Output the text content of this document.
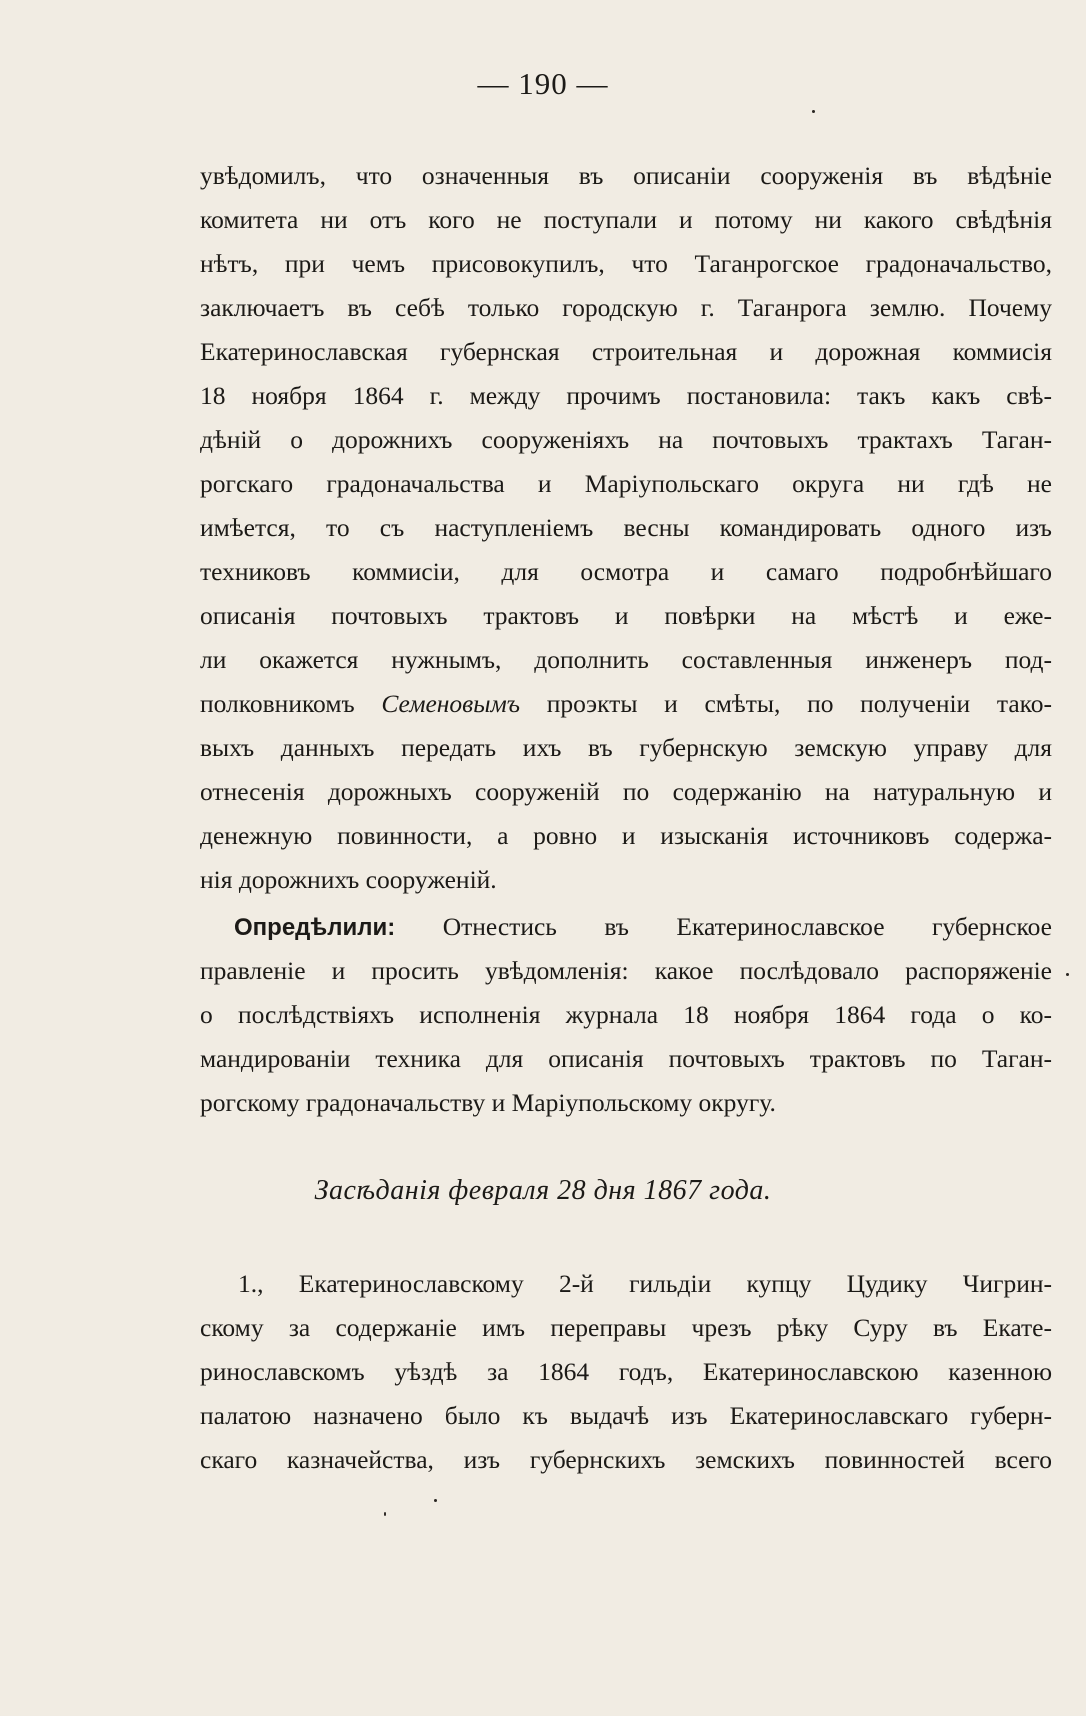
— 190 —
увѣдомилъ, что означенныя въ описаніи сооруженія въ вѣдѣніе
комитета ни отъ кого не поступали и потому ни какого свѣдѣнія
нѣтъ, при чемъ присовокупилъ, что Таганрогское градоначальство,
заключаетъ въ себѣ только городскую г. Таганрога землю. Почему
Екатеринославская губернская строительная и дорожная коммисія
18 ноября 1864 г. между прочимъ постановила: такъ какъ свѣ-
дѣній о дорожнихъ сооруженіяхъ на почтовыхъ трактахъ Таган-
рогскаго градоначальства и Маріупольскаго округа ни гдѣ не
имѣется, то съ наступленіемъ весны командировать одного изъ
техниковъ коммисіи, для осмотра и самаго подробнѣйшаго
описанія почтовыхъ трактовъ и повѣрки на мѣстѣ и еже-
ли окажется нужнымъ, дополнить составленныя инженеръ под-
полковникомъ Семеновымъ проэкты и смѣты, по полученіи тако-
выхъ данныхъ передать ихъ въ губернскую земскую управу для
отнесенія дорожныхъ сооруженій по содержанію на натуральную и
денежную повинности, а ровно и изысканія источниковъ содержа-
нія дорожнихъ сооруженій.
Опредѣлили: Отнестись въ Екатеринославское губернское
правленіе и просить увѣдомленія: какое послѣдовало распоряженіе
о послѣдствіяхъ исполненія журнала 18 ноября 1864 года о ко-
мандированіи техника для описанія почтовыхъ трактовъ по Таган-
рогскому градоначальству и Маріупольскому округу.
Засѣданія февраля 28 дня 1867 года.
1., Екатеринославскому 2-й гильдіи купцу Цудику Чигрин-
скому за содержаніе имъ переправы чрезъ рѣку Суру въ Екате-
ринославскомъ уѣздѣ за 1864 годъ, Екатеринославскою казенною
палатою назначено было къ выдачѣ изъ Екатеринославскаго губерн-
скаго казначейства, изъ губернскихъ земскихъ повинностей всего
